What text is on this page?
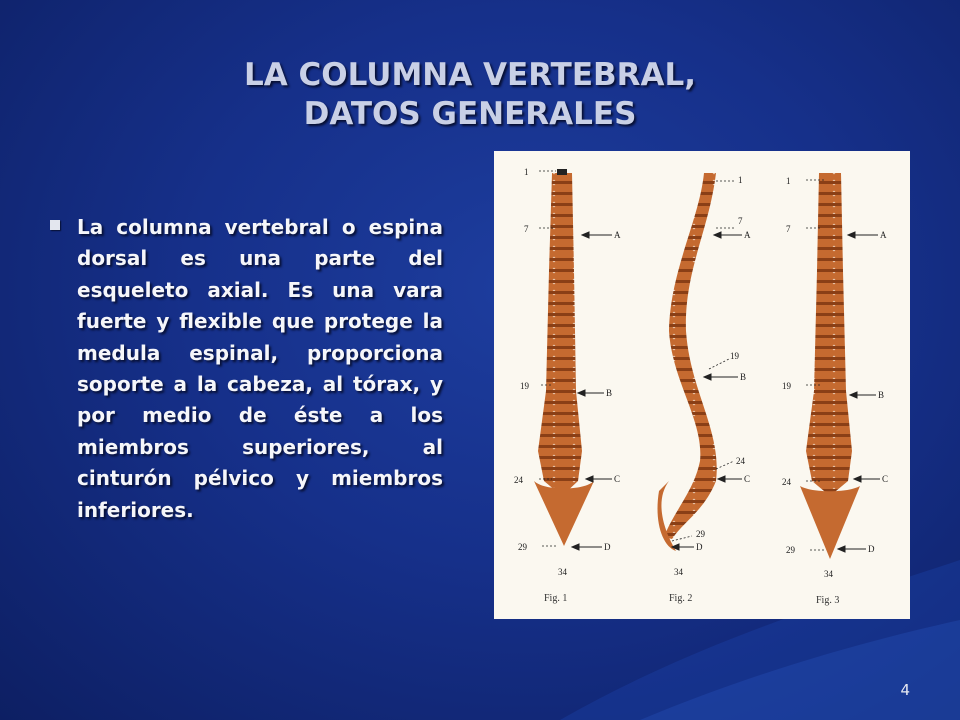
LA COLUMNA VERTEBRAL,
DATOS GENERALES
La columna vertebral o espina dorsal es una parte del esqueleto axial. Es una vara fuerte y flexible que protege la medula espinal, proporciona soporte a la cabeza, al tórax, y por medio de éste a los miembros superiores, al cinturón pélvico y miembros inferiores.
1
7
19
24
29
34
A
B
C
D
Fig. 1
1
7
19
24
29
34
A
B
C
D
Fig. 2
1
7
19
24
29
34
A
B
C
D
Fig. 3
4
